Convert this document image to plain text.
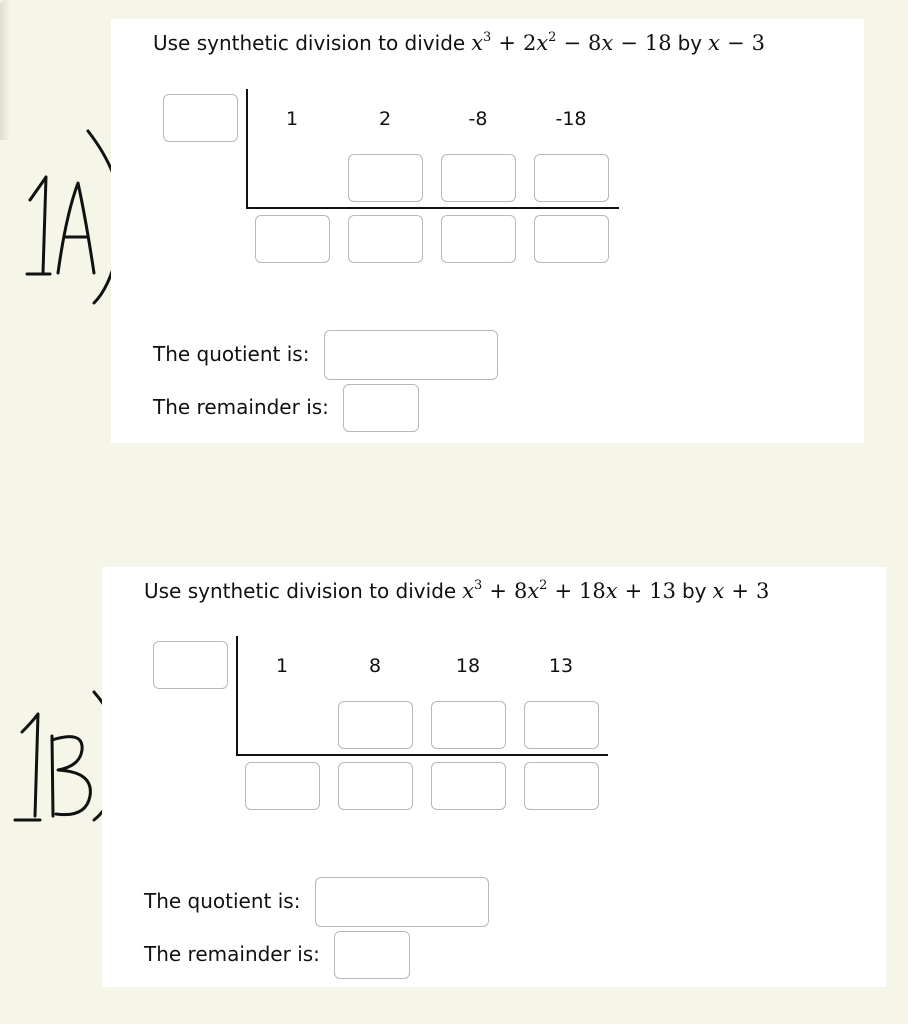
Use synthetic division to divide $x^3 + 2x^2 - 8x - 18$ by x − 3
1	2	-8	-18
The quotient is:
The remainder is:
Use synthetic division to divide $x^3 + 8x^2 + 18x + 13$ by x + 3
1	8	18	13
The quotient is:
The remainder is:
